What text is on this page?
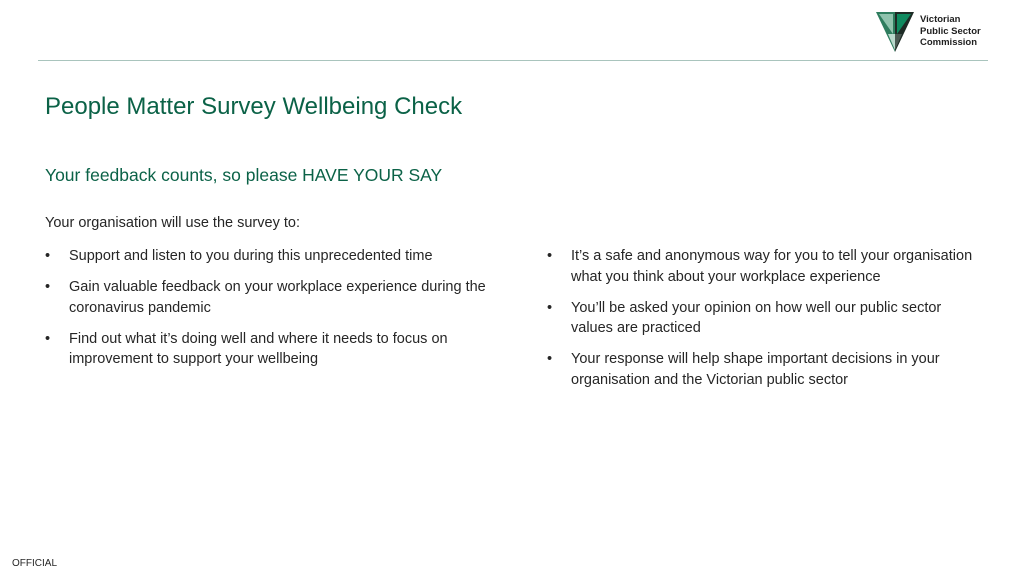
Victorian
Public Sector
Commission
People Matter Survey Wellbeing Check
Your feedback counts, so please HAVE YOUR SAY
Your organisation will use the survey to:
• Support and listen to you during this unprecedented time
• Gain valuable feedback on your workplace experience during the coronavirus pandemic
• Find out what it’s doing well and where it needs to focus on improvement to support your wellbeing
• It’s a safe and anonymous way for you to tell your organisation what you think about your workplace experience
• You’ll be asked your opinion on how well our public sector values are practiced
• Your response will help shape important decisions in your organisation and the Victorian public sector
OFFICIAL
